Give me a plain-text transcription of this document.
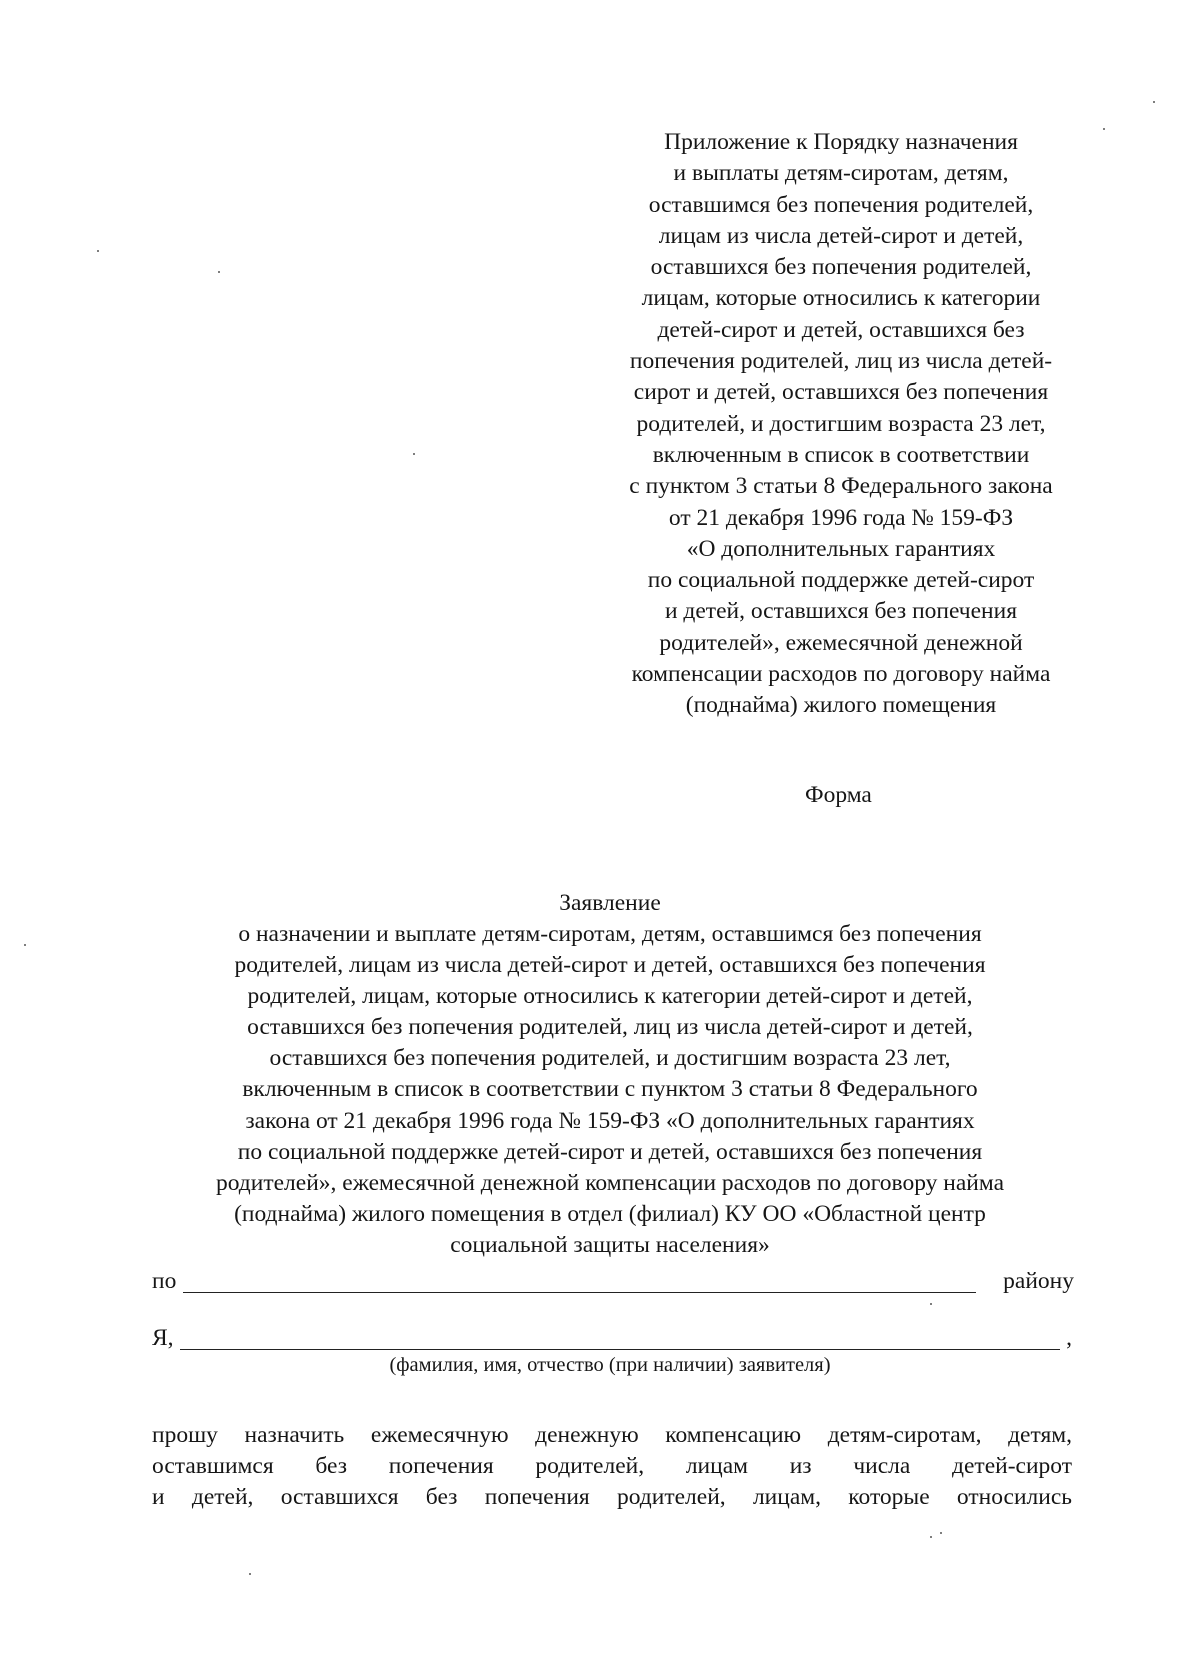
Приложение к Порядку назначения
и выплаты детям-сиротам, детям,
оставшимся без попечения родителей,
лицам из числа детей-сирот и детей,
оставшихся без попечения родителей,
лицам, которые относились к категории
детей-сирот и детей, оставшихся без
попечения родителей, лиц из числа детей-
сирот и детей, оставшихся без попечения
родителей, и достигшим возраста 23 лет,
включенным в список в соответствии
с пунктом 3 статьи 8 Федерального закона
от 21 декабря 1996 года № 159-ФЗ
«О дополнительных гарантиях
по социальной поддержке детей-сирот
и детей, оставшихся без попечения
родителей», ежемесячной денежной
компенсации расходов по договору найма
(поднайма) жилого помещения
Форма
Заявление
о назначении и выплате детям-сиротам, детям, оставшимся без попечения
родителей, лицам из числа детей-сирот и детей, оставшихся без попечения
родителей, лицам, которые относились к категории детей-сирот и детей,
оставшихся без попечения родителей, лиц из числа детей-сирот и детей,
оставшихся без попечения родителей, и достигшим возраста 23 лет,
включенным в список в соответствии с пунктом 3 статьи 8 Федерального
закона от 21 декабря 1996 года № 159-ФЗ «О дополнительных гарантиях
по социальной поддержке детей-сирот и детей, оставшихся без попечения
родителей», ежемесячной денежной компенсации расходов по договору найма
(поднайма) жилого помещения в отдел (филиал) КУ ОО «Областной центр
социальной защиты населения»
по	району
Я,	,
(фамилия, имя, отчество (при наличии) заявителя)
прошу назначить ежемесячную денежную компенсацию детям-сиротам, детям,
оставшимся без попечения родителей, лицам из числа детей-сирот
и детей, оставшихся без попечения родителей, лицам, которые относились
